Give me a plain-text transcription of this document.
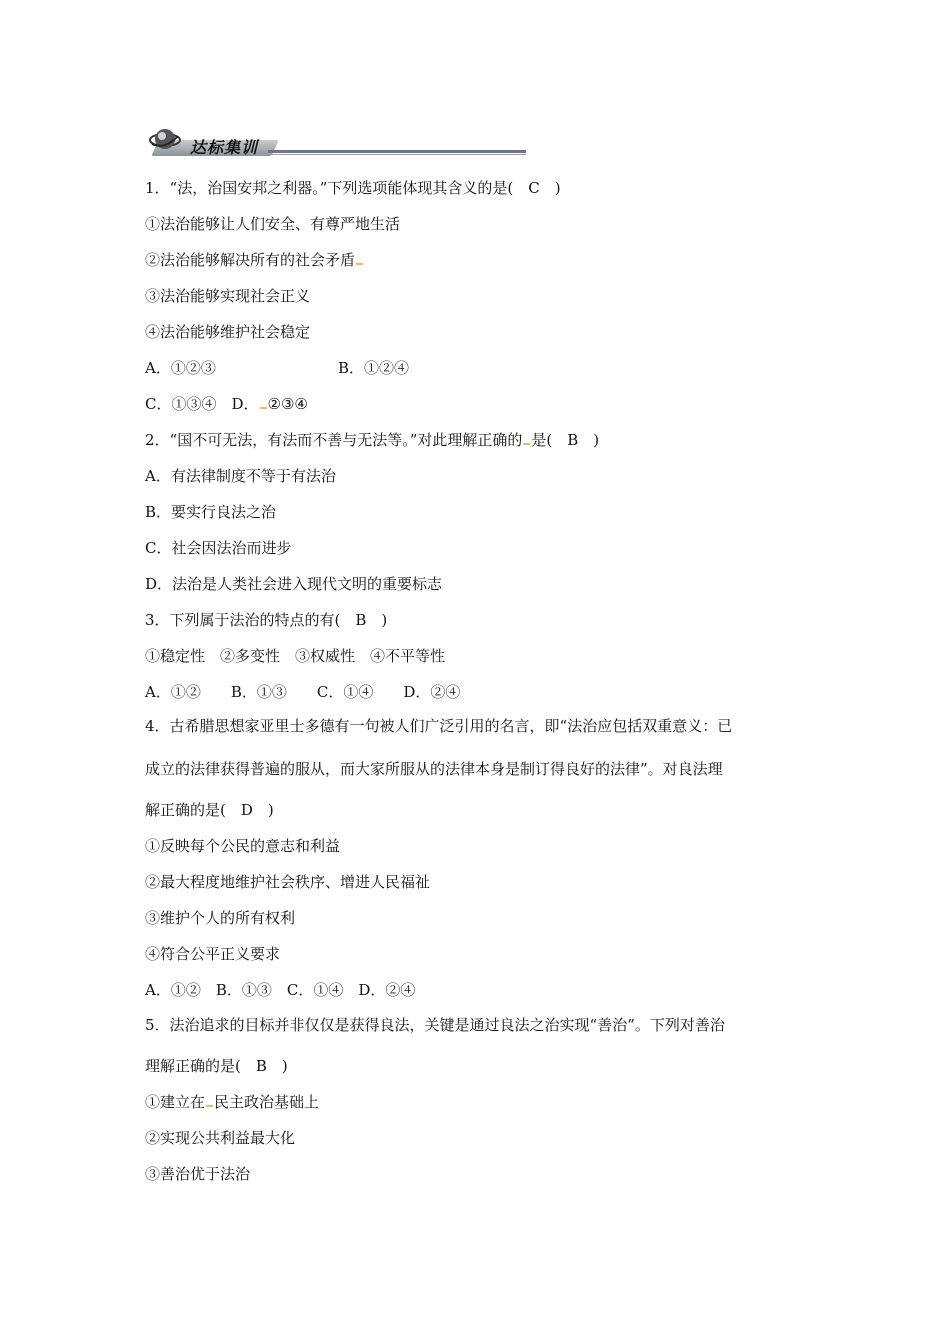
达标集训
1．“法，治国安邦之利器。”下列选项能体现其含义的是(　C　)
①法治能够让人们安全、有尊严地生活
②法治能够解决所有的社会矛盾
③法治能够实现社会正义
④法治能够维护社会稳定
A．①②③	B．①②④
C．①③④　D． ②③④
2．“国不可无法，有法而不善与无法等。”对此理解正确的 是(　B　)
A．有法律制度不等于有法治
B．要实行良法之治
C．社会因法治而进步
D．法治是人类社会进入现代文明的重要标志
3．下列属于法治的特点的有(　B　)
①稳定性　②多变性　③权威性　④不平等性
A．①②　　B．①③　　C．①④　　D．②④
4．古希腊思想家亚里士多德有一句被人们广泛引用的名言，即“法治应包括双重意义：已
成立的法律获得普遍的服从，而大家所服从的法律本身是制订得良好的法律”。对良法理
解正确的是(　D　)
①反映每个公民的意志和利益
②最大程度地维护社会秩序、增进人民福祉
③维护个人的所有权利
④符合公平正义要求
A．①②　B．①③　C．①④　D．②④
5．法治追求的目标并非仅仅是获得良法，关键是通过良法之治实现“善治”。下列对善治
理解正确的是(　B　)
①建立在 民主政治基础上
②实现公共利益最大化
③善治优于法治
